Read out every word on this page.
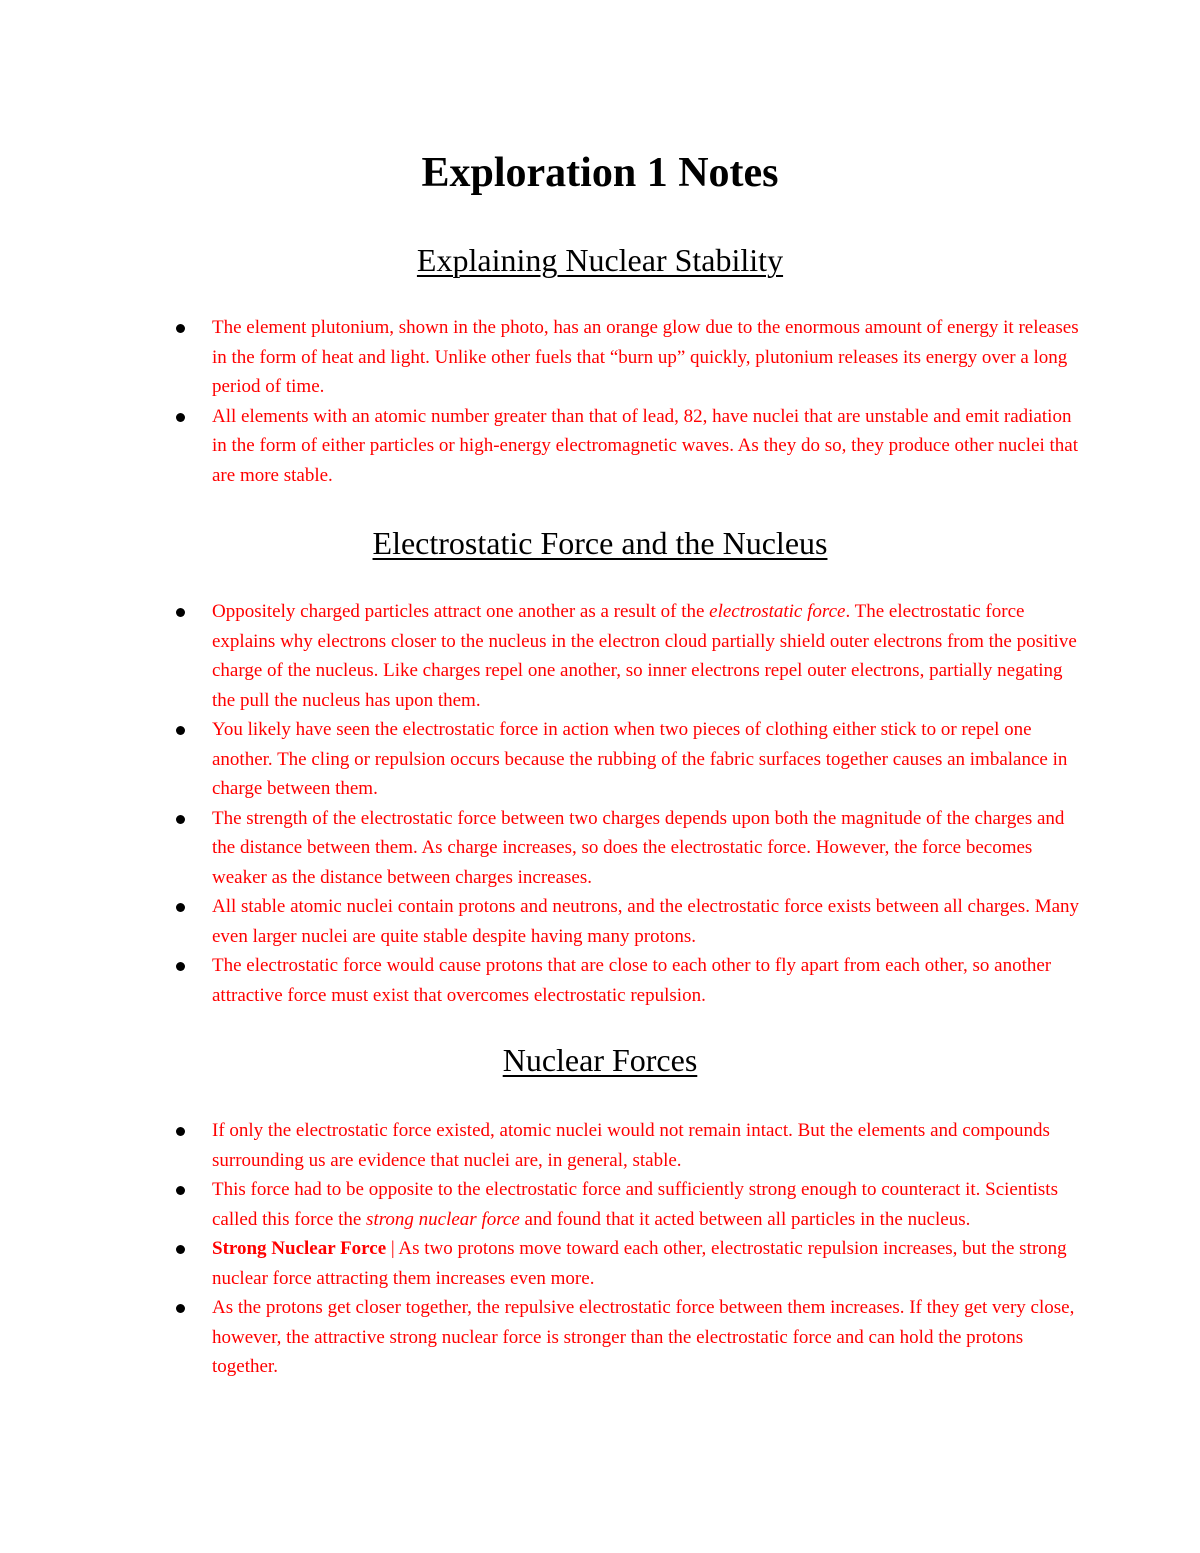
Exploration 1 Notes
Explaining Nuclear Stability
The element plutonium, shown in the photo, has an orange glow due to the enormous amount of energy it releases in the form of heat and light. Unlike other fuels that “burn up” quickly, plutonium releases its energy over a long period of time.
All elements with an atomic number greater than that of lead, 82, have nuclei that are unstable and emit radiation in the form of either particles or high-energy electromagnetic waves. As they do so, they produce other nuclei that are more stable.
Electrostatic Force and the Nucleus
Oppositely charged particles attract one another as a result of the electrostatic force. The electrostatic force explains why electrons closer to the nucleus in the electron cloud partially shield outer electrons from the positive charge of the nucleus. Like charges repel one another, so inner electrons repel outer electrons, partially negating the pull the nucleus has upon them.
You likely have seen the electrostatic force in action when two pieces of clothing either stick to or repel one another. The cling or repulsion occurs because the rubbing of the fabric surfaces together causes an imbalance in charge between them.
The strength of the electrostatic force between two charges depends upon both the magnitude of the charges and the distance between them. As charge increases, so does the electrostatic force. However, the force becomes weaker as the distance between charges increases.
All stable atomic nuclei contain protons and neutrons, and the electrostatic force exists between all charges. Many even larger nuclei are quite stable despite having many protons.
The electrostatic force would cause protons that are close to each other to fly apart from each other, so another attractive force must exist that overcomes electrostatic repulsion.
Nuclear Forces
If only the electrostatic force existed, atomic nuclei would not remain intact. But the elements and compounds surrounding us are evidence that nuclei are, in general, stable.
This force had to be opposite to the electrostatic force and sufficiently strong enough to counteract it. Scientists called this force the strong nuclear force and found that it acted between all particles in the nucleus.
Strong Nuclear Force | As two protons move toward each other, electrostatic repulsion increases, but the strong nuclear force attracting them increases even more.
As the protons get closer together, the repulsive electrostatic force between them increases. If they get very close, however, the attractive strong nuclear force is stronger than the electrostatic force and can hold the protons together.
